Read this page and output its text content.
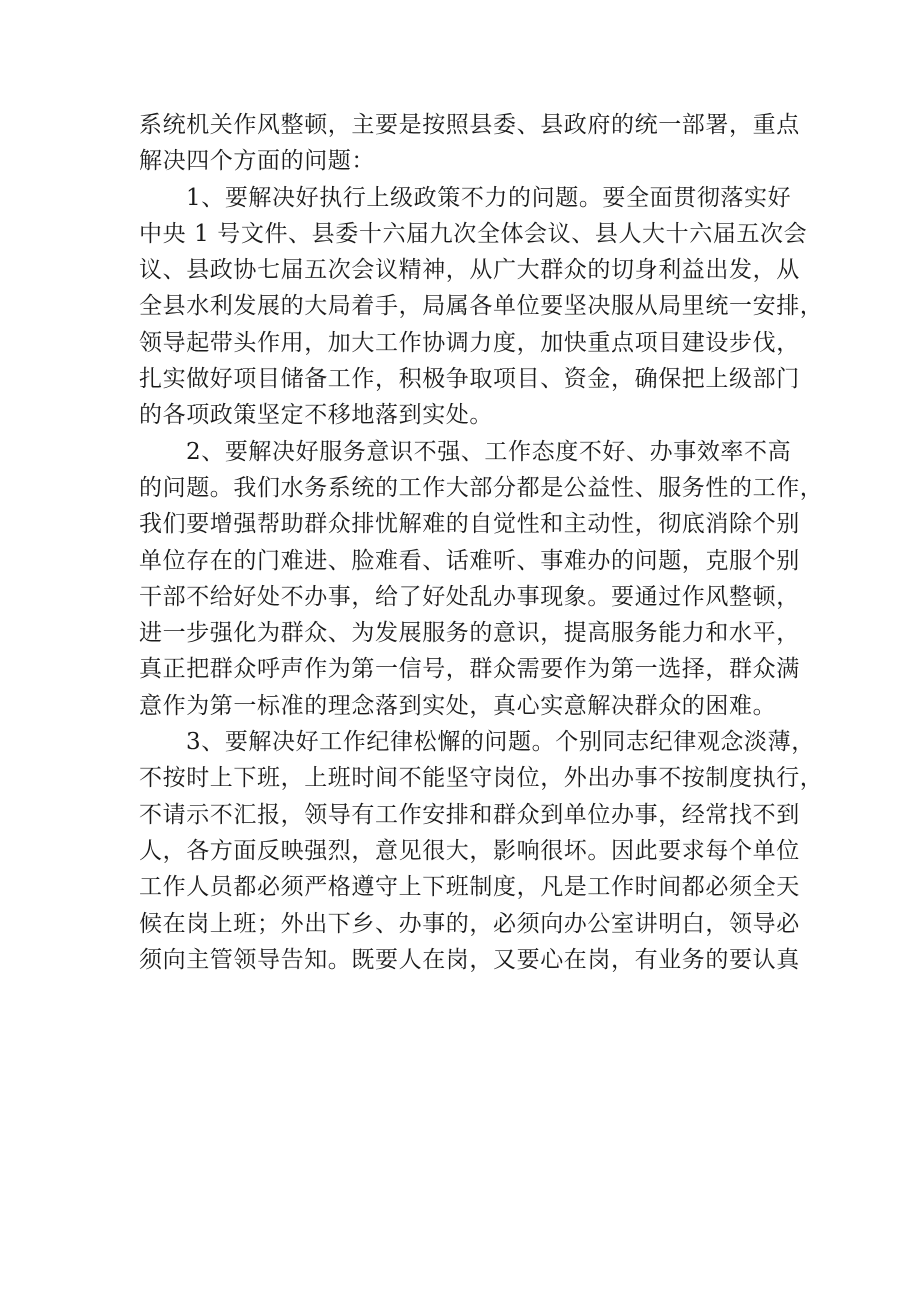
系统机关作风整顿，主要是按照县委、县政府的统一部署，重点
解决四个方面的问题：

1、要解决好执行上级政策不力的问题。要全面贯彻落实好
中央 1 号文件、县委十六届九次全体会议、县人大十六届五次会
议、县政协七届五次会议精神，从广大群众的切身利益出发，从
全县水利发展的大局着手，局属各单位要坚决服从局里统一安排，
领导起带头作用，加大工作协调力度，加快重点项目建设步伐，
扎实做好项目储备工作，积极争取项目、资金，确保把上级部门
的各项政策坚定不移地落到实处。

2、要解决好服务意识不强、工作态度不好、办事效率不高
的问题。我们水务系统的工作大部分都是公益性、服务性的工作，
我们要增强帮助群众排忧解难的自觉性和主动性，彻底消除个别
单位存在的门难进、脸难看、话难听、事难办的问题，克服个别
干部不给好处不办事，给了好处乱办事现象。要通过作风整顿，
进一步强化为群众、为发展服务的意识，提高服务能力和水平，
真正把群众呼声作为第一信号，群众需要作为第一选择，群众满
意作为第一标准的理念落到实处，真心实意解决群众的困难。

3、要解决好工作纪律松懈的问题。个别同志纪律观念淡薄，
不按时上下班，上班时间不能坚守岗位，外出办事不按制度执行，
不请示不汇报，领导有工作安排和群众到单位办事，经常找不到
人，各方面反映强烈，意见很大，影响很坏。因此要求每个单位
工作人员都必须严格遵守上下班制度，凡是工作时间都必须全天
候在岗上班；外出下乡、办事的，必须向办公室讲明白，领导必
须向主管领导告知。既要人在岗，又要心在岗，有业务的要认真
